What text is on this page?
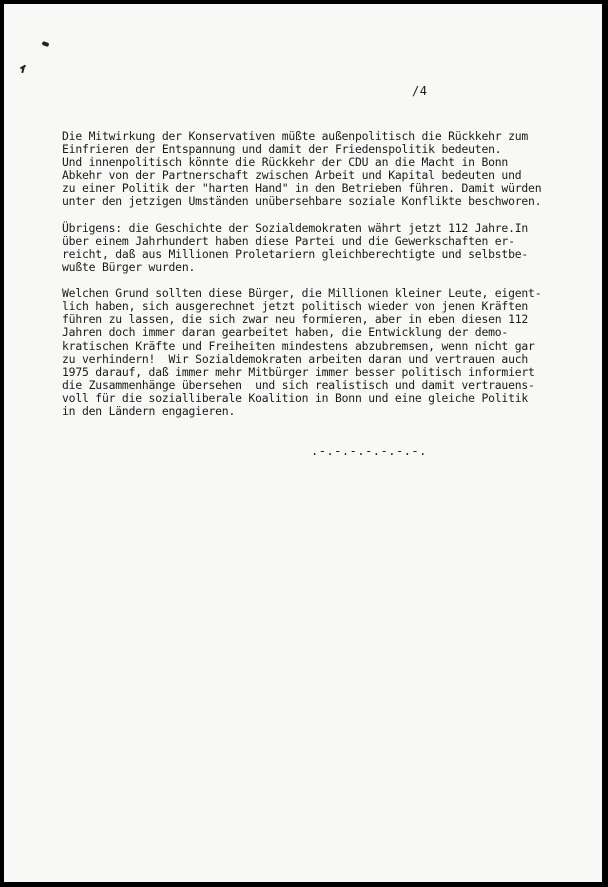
/4

Die Mitwirkung der Konservativen müßte außenpolitisch die Rückkehr zum
Einfrieren der Entspannung und damit der Friedenspolitik bedeuten.
Und innenpolitisch könnte die Rückkehr der CDU an die Macht in Bonn
Abkehr von der Partnerschaft zwischen Arbeit und Kapital bedeuten und
zu einer Politik der "harten Hand" in den Betrieben führen. Damit würden
unter den jetzigen Umständen unübersehbare soziale Konflikte beschworen.

Übrigens: die Geschichte der Sozialdemokraten währt jetzt 112 Jahre.In
über einem Jahrhundert haben diese Partei und die Gewerkschaften er-
reicht, daß aus Millionen Proletariern gleichberechtigte und selbstbe-
wußte Bürger wurden.

Welchen Grund sollten diese Bürger, die Millionen kleiner Leute, eigent-
lich haben, sich ausgerechnet jetzt politisch wieder von jenen Kräften
führen zu lassen, die sich zwar neu formieren, aber in eben diesen 112
Jahren doch immer daran gearbeitet haben, die Entwicklung der demo-
kratischen Kräfte und Freiheiten mindestens abzubremsen, wenn nicht gar
zu verhindern!  Wir Sozialdemokraten arbeiten daran und vertrauen auch
1975 darauf, daß immer mehr Mitbürger immer besser politisch informiert
die Zusammenhänge übersehen  und sich realistisch und damit vertrauens-
voll für die sozialliberale Koalition in Bonn und eine gleiche Politik
in den Ländern engagieren.

.-.-.-.-.-.-.-.
